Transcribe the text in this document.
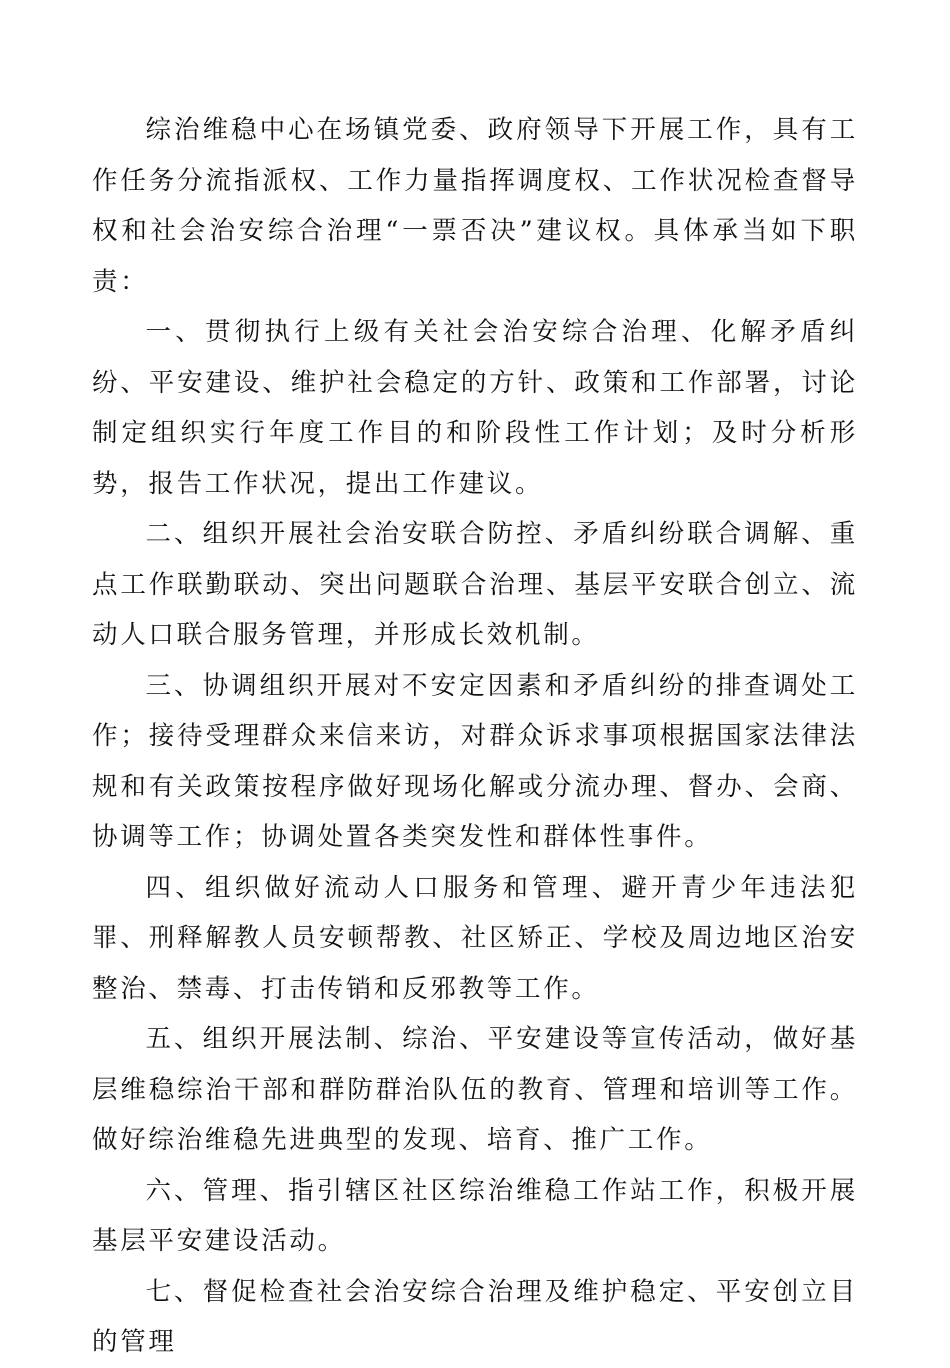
综治维稳中心在场镇党委、政府领导下开展工作，具有工作任务分流指派权、工作力量指挥调度权、工作状况检查督导权和社会治安综合治理“一票否决”建议权。具体承当如下职责：

一、贯彻执行上级有关社会治安综合治理、化解矛盾纠纷、平安建设、维护社会稳定的方针、政策和工作部署，讨论制定组织实行年度工作目的和阶段性工作计划；及时分析形势，报告工作状况，提出工作建议。

二、组织开展社会治安联合防控、矛盾纠纷联合调解、重点工作联勤联动、突出问题联合治理、基层平安联合创立、流动人口联合服务管理，并形成长效机制。

三、协调组织开展对不安定因素和矛盾纠纷的排查调处工作；接待受理群众来信来访，对群众诉求事项根据国家法律法规和有关政策按程序做好现场化解或分流办理、督办、会商、协调等工作；协调处置各类突发性和群体性事件。

四、组织做好流动人口服务和管理、避开青少年违法犯罪、刑释解教人员安顿帮教、社区矫正、学校及周边地区治安整治、禁毒、打击传销和反邪教等工作。

五、组织开展法制、综治、平安建设等宣传活动，做好基层维稳综治干部和群防群治队伍的教育、管理和培训等工作。做好综治维稳先进典型的发现、培育、推广工作。

六、管理、指引辖区社区综治维稳工作站工作，积极开展基层平安建设活动。

七、督促检查社会治安综合治理及维护稳定、平安创立目的管理
